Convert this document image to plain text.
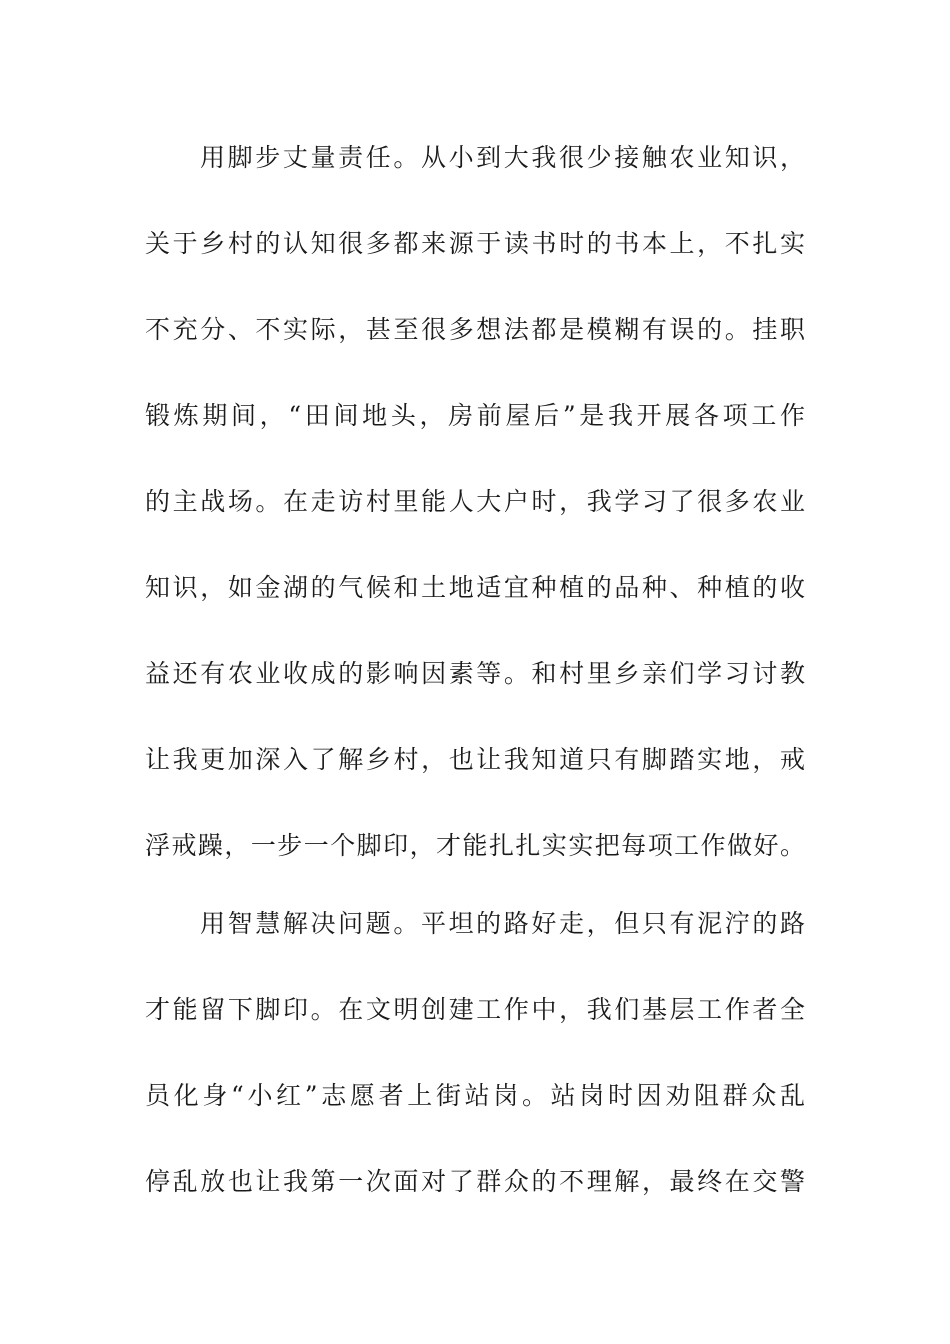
用脚步丈量责任。从小到大我很少接触农业知识，
关于乡村的认知很多都来源于读书时的书本上，不扎实
不充分、不实际，甚至很多想法都是模糊有误的。挂职
锻炼期间，“田间地头，房前屋后”是我开展各项工作
的主战场。在走访村里能人大户时，我学习了很多农业
知识，如金湖的气候和土地适宜种植的品种、种植的收
益还有农业收成的影响因素等。和村里乡亲们学习讨教
让我更加深入了解乡村，也让我知道只有脚踏实地，戒
浮戒躁，一步一个脚印，才能扎扎实实把每项工作做好。
用智慧解决问题。平坦的路好走，但只有泥泞的路
才能留下脚印。在文明创建工作中，我们基层工作者全
员化身“小红”志愿者上街站岗。站岗时因劝阻群众乱
停乱放也让我第一次面对了群众的不理解，最终在交警
